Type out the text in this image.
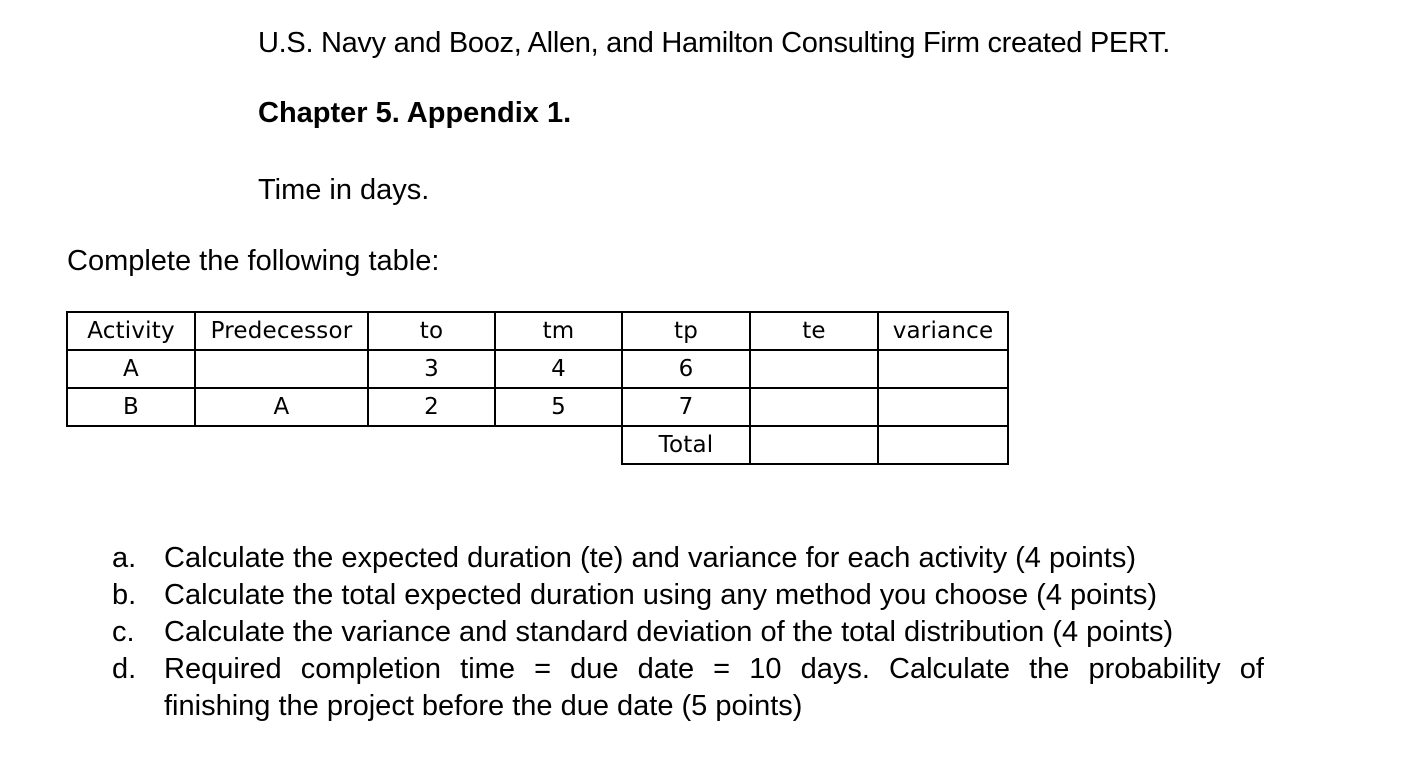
U.S. Navy and Booz, Allen, and Hamilton Consulting Firm created PERT.
Chapter 5. Appendix 1.
Time in days.
Complete the following table:
Activity	Predecessor	to	tm	tp	te	variance
A		3	4	6		
B	A	2	5	7		
				Total		
a. Calculate the expected duration (te) and variance for each activity (4 points)
b. Calculate the total expected duration using any method you choose (4 points)
c. Calculate the variance and standard deviation of the total distribution (4 points)
d. Required completion time = due date = 10 days. Calculate the probability of
finishing the project before the due date (5 points)
